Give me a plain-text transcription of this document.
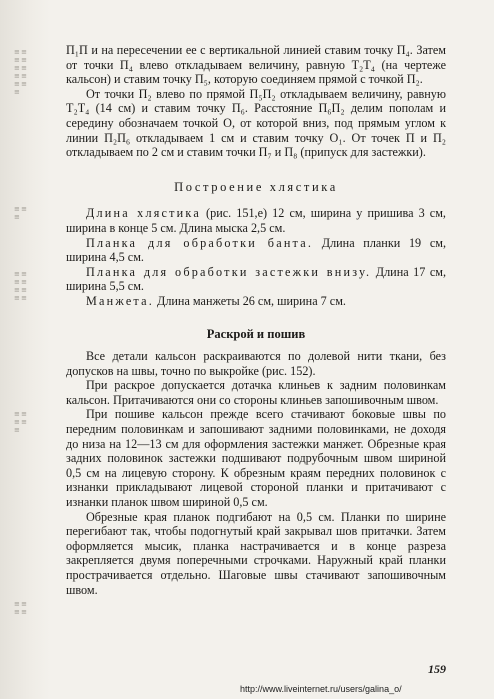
≡ ≡ ≡ ≡ ≡ ≡ ≡ ≡ ≡ ≡ ≡
≡ ≡ ≡
≡ ≡ ≡ ≡ ≡ ≡ ≡ ≡
≡ ≡ ≡ ≡ ≡
≡ ≡ ≡ ≡

П₁П и на пересечении ее с вертикальной линией ставим точку П₄. Затем от точки П₄ влево откладываем величину, равную Т₂Т₄ (на чертеже кальсон) и ставим точку П₅, которую соединяем прямой с точкой П₂.

От точки П₂ влево по прямой П₅П₂ откладываем величину, равную Т₂Т₄ (14 см) и ставим точку П₆. Расстояние П₆П₂ делим пополам и середину обозначаем точкой О, от которой вниз, под прямым углом к линии П₂П₆ откладываем 1 см и ставим точку О₁. От точек П и П₂ откладываем по 2 см и ставим точки П₇ и П₈ (припуск для застежки).

Построение хлястика

Длина хлястика (рис. 151,е) 12 см, ширина у пришива 3 см, ширина в конце 5 см. Длина мыска 2,5 см.

Планка для обработки банта. Длина планки 19 см, ширина 4,5 см.

Планка для обработки застежки внизу. Длина 17 см, ширина 5,5 см.

Манжета. Длина манжеты 26 см, ширина 7 см.

Раскрой и пошив

Все детали кальсон раскраиваются по долевой нити ткани, без допусков на швы, точно по выкройке (рис. 152).

При раскрое допускается дотачка клиньев к задним половинкам кальсон. Притачиваются они со стороны клиньев запошивочным швом.

При пошиве кальсон прежде всего стачивают боковые швы по передним половинкам и запошивают задними половинками, не доходя до низа на 12—13 см для оформления застежки манжет. Обрезные края задних половинок застежки подшивают подрубочным швом шириной 0,5 см на лицевую сторону. К обрезным краям передних половинок с изнанки прикладывают лицевой стороной планки и притачивают с изнанки планок швом шириной 0,5 см.

Обрезные края планок подгибают на 0,5 см. Планки по ширине перегибают так, чтобы подогнутый край закрывал шов притачки. Затем оформляется мысик, планка настрачивается и в конце разреза закрепляется двумя поперечными строчками. Наружный край планки прострачивается отдельно. Шаговые швы стачивают запошивочным швом.

159
http://www.liveinternet.ru/users/galina_o/
